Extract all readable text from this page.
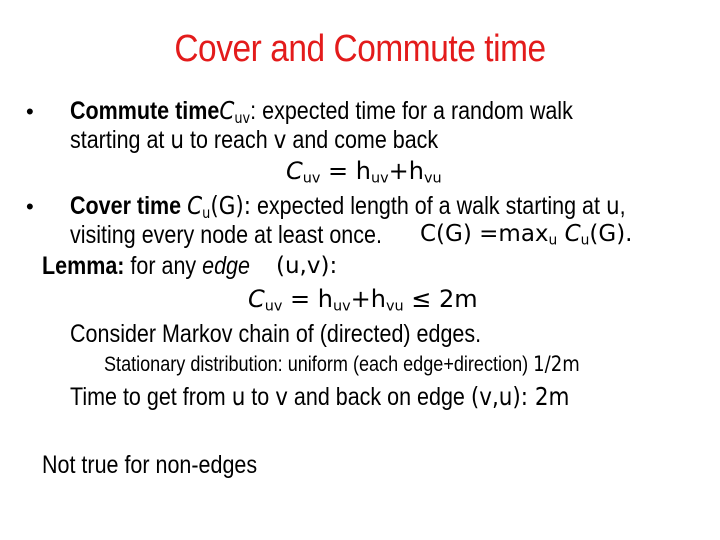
Cover and Commute time
• Commute timeC$_{uv}$: expected time for a random walk
starting at u to reach v and come back
$C_{uv} = h_{uv}+h_{vu}$
• Cover time $C_u(G)$: expected length of a walk starting at u,
visiting every node at least once. $C(G) =\max_u$ $C_u(G)$.
Lemma: for any edge (u,v):
$C_{uv} = h_{uv}+h_{vu} \le 2m$
Consider Markov chain of (directed) edges.
Stationary distribution: uniform (each edge+direction) 1/2m
Time to get from u to v and back on edge (v,u): 2m
Not true for non-edges
